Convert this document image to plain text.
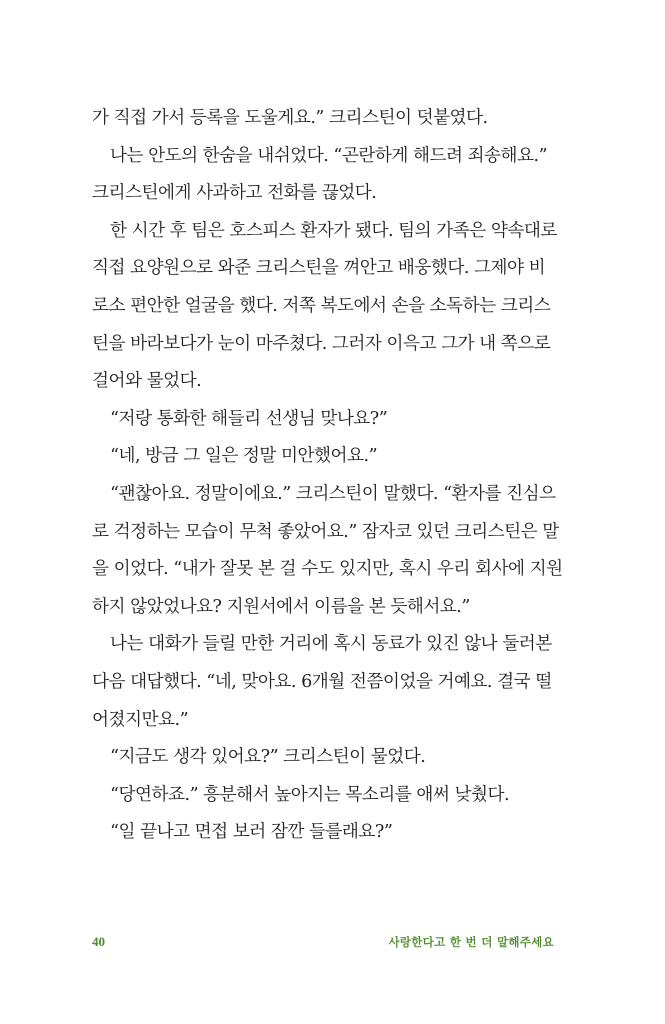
가 직접 가서 등록을 도울게요.” 크리스틴이 덧붙였다.
나는 안도의 한숨을 내쉬었다. “곤란하게 해드려 죄송해요.”
크리스틴에게 사과하고 전화를 끊었다.
한 시간 후 팀은 호스피스 환자가 됐다. 팀의 가족은 약속대로
직접 요양원으로 와준 크리스틴을 껴안고 배웅했다. 그제야 비
로소 편안한 얼굴을 했다. 저쪽 복도에서 손을 소독하는 크리스
틴을 바라보다가 눈이 마주쳤다. 그러자 이윽고 그가 내 쪽으로
걸어와 물었다.
“저랑 통화한 해들리 선생님 맞나요?”
“네, 방금 그 일은 정말 미안했어요.”
“괜찮아요. 정말이에요.” 크리스틴이 말했다. “환자를 진심으
로 걱정하는 모습이 무척 좋았어요.” 잠자코 있던 크리스틴은 말
을 이었다. “내가 잘못 본 걸 수도 있지만, 혹시 우리 회사에 지원
하지 않았었나요? 지원서에서 이름을 본 듯해서요.”
나는 대화가 들릴 만한 거리에 혹시 동료가 있진 않나 둘러본
다음 대답했다. “네, 맞아요. 6개월 전쯤이었을 거예요. 결국 떨
어졌지만요.”
“지금도 생각 있어요?” 크리스틴이 물었다.
“당연하죠.” 흥분해서 높아지는 목소리를 애써 낮췄다.
“일 끝나고 면접 보러 잠깐 들를래요?”
40	사랑한다고 한 번 더 말해주세요
